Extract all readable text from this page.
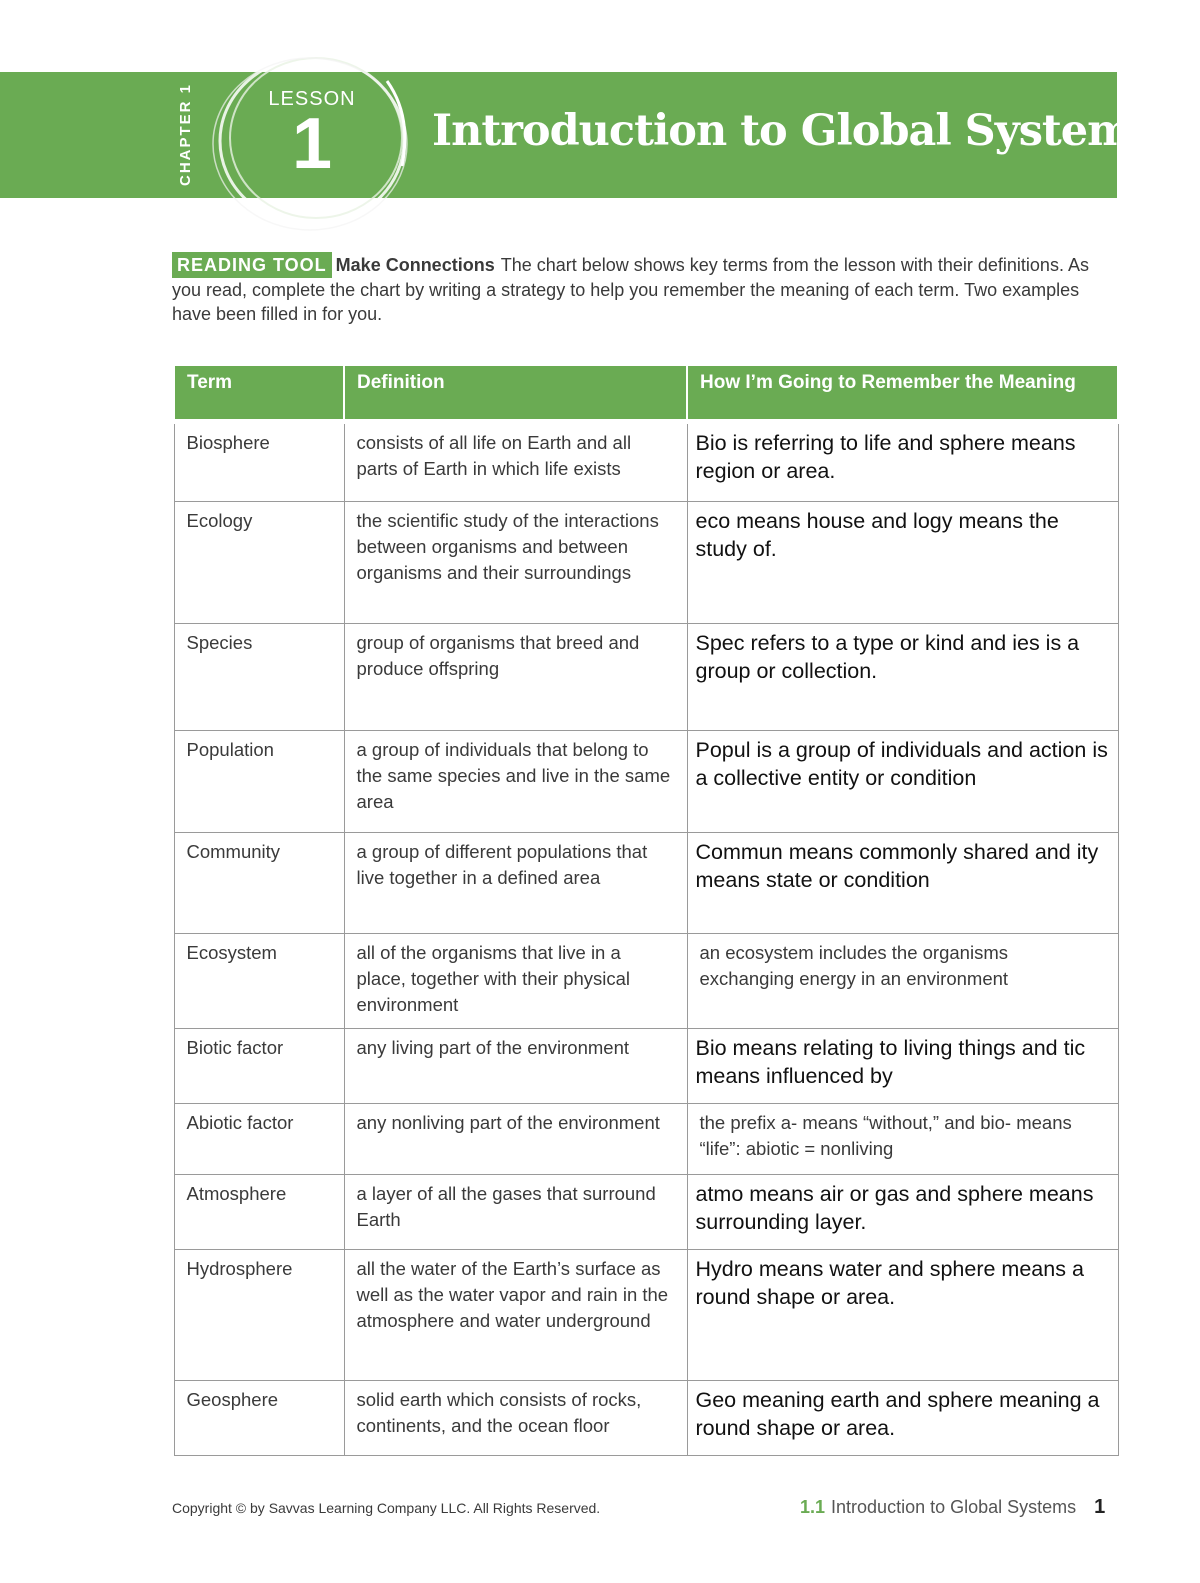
CHAPTER 1	LESSON
1	Introduction to Global Systems
READING TOOL Make Connections The chart below shows key terms from the lesson with their definitions. As you read, complete the chart by writing a strategy to help you remember the meaning of each term. Two examples have been filled in for you.
Term	Definition	How I’m Going to Remember the Meaning
Biosphere	consists of all life on Earth and all parts of Earth in which life exists	Bio is referring to life and sphere means region or area.
Ecology	the scientific study of the interactions between organisms and between organisms and their surroundings	eco means house and logy means the study of.
Species	group of organisms that breed and produce offspring	Spec refers to a type or kind and ies is a group or collection.
Population	a group of individuals that belong to the same species and live in the same area	Popul is a group of individuals and action is a collective entity or condition
Community	a group of different populations that live together in a defined area	Commun means commonly shared and ity means state or condition
Ecosystem	all of the organisms that live in a place, together with their physical environment	an ecosystem includes the organisms exchanging energy in an environment
Biotic factor	any living part of the environment	Bio means relating to living things and tic means influenced by
Abiotic factor	any nonliving part of the environment	the prefix a- means “without,” and bio- means “life”: abiotic = nonliving
Atmosphere	a layer of all the gases that surround Earth	atmo means air or gas and sphere means surrounding layer.
Hydrosphere	all the water of the Earth’s surface as well as the water vapor and rain in the atmosphere and water underground	Hydro means water and sphere means a round shape or area.
Geosphere	solid earth which consists of rocks, continents, and the ocean floor	Geo meaning earth and sphere meaning a round shape or area.
Copyright © by Savvas Learning Company LLC. All Rights Reserved.	1.1 Introduction to Global Systems 1
